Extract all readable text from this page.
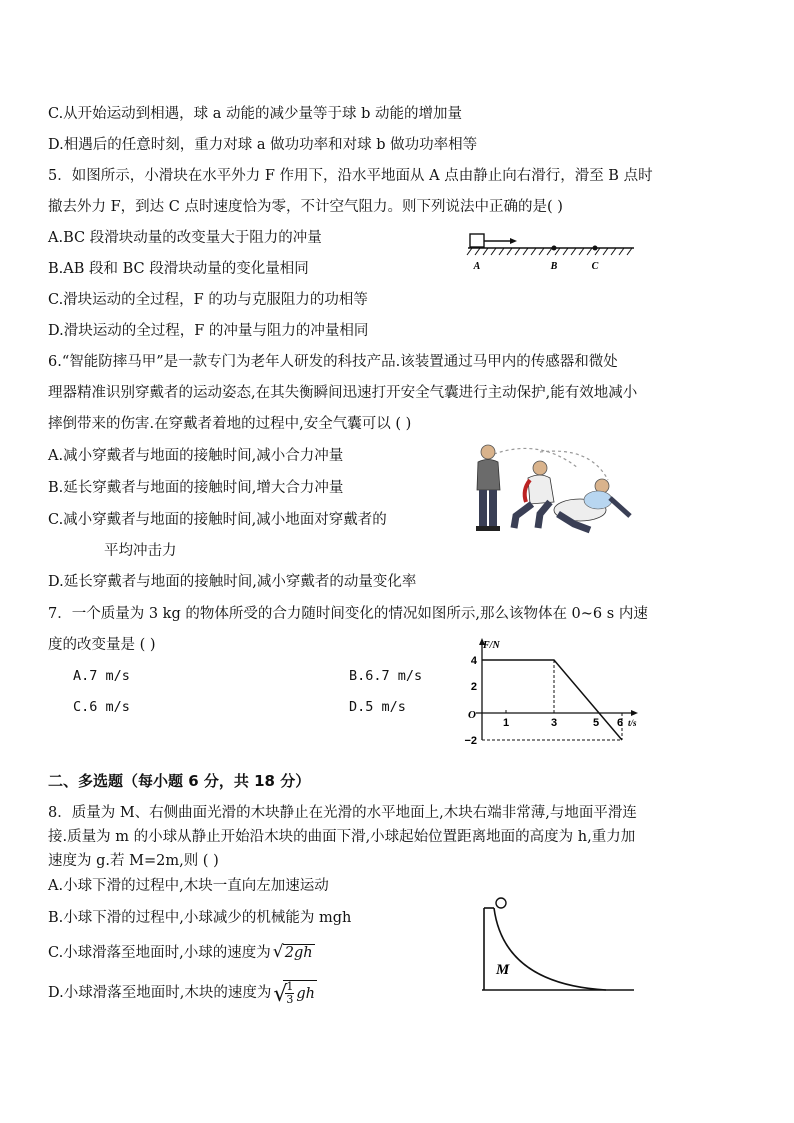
C.从开始运动到相遇，球 a 动能的减少量等于球 b 动能的增加量
D.相遇后的任意时刻，重力对球 a 做功功率和对球 b 做功功率相等
5．如图所示，小滑块在水平外力 F 作用下，沿水平地面从 A 点由静止向右滑行，滑至 B 点时
撤去外力 F，到达 C 点时速度恰为零，不计空气阻力。则下列说法中正确的是( )
A.BC 段滑块动量的改变量大于阻力的冲量
B.AB 段和 BC 段滑块动量的变化量相同
C.滑块运动的全过程，F 的功与克服阻力的功相等
D.滑块运动的全过程，F 的冲量与阻力的冲量相同
A	B	C
6.“智能防摔马甲”是一款专门为老年人研发的科技产品.该装置通过马甲内的传感器和微处
理器精准识别穿戴者的运动姿态,在其失衡瞬间迅速打开安全气囊进行主动保护,能有效地减小
摔倒带来的伤害.在穿戴者着地的过程中,安全气囊可以 ( )
A.减小穿戴者与地面的接触时间,减小合力冲量
B.延长穿戴者与地面的接触时间,增大合力冲量
C.减小穿戴者与地面的接触时间,减小地面对穿戴者的
平均冲击力
D.延长穿戴者与地面的接触时间,减小穿戴者的动量变化率
7．一个质量为 3 kg 的物体所受的合力随时间变化的情况如图所示,那么该物体在 0~6 s 内速
度的改变量是 ( )
A.7 m/s	B.6.7 m/s
C.6 m/s	D.5 m/s
F/N
4
2
−2
O
1	3	5 6 t/s
二、多选题（每小题 6 分，共 18 分）
8．质量为 M、右侧曲面光滑的木块静止在光滑的水平地面上,木块右端非常薄,与地面平滑连
接.质量为 m 的小球从静止开始沿木块的曲面下滑,小球起始位置距离地面的高度为 h,重力加
速度为 g.若 M=2m,则 ( )
A.小球下滑的过程中,木块一直向左加速运动
B.小球下滑的过程中,小球减少的机械能为 mgh
C.小球滑落至地面时,小球的速度为 √ 2gh
D.小球滑落至地面时,木块的速度为 √
$\frac{1}{3}$ gh
M
